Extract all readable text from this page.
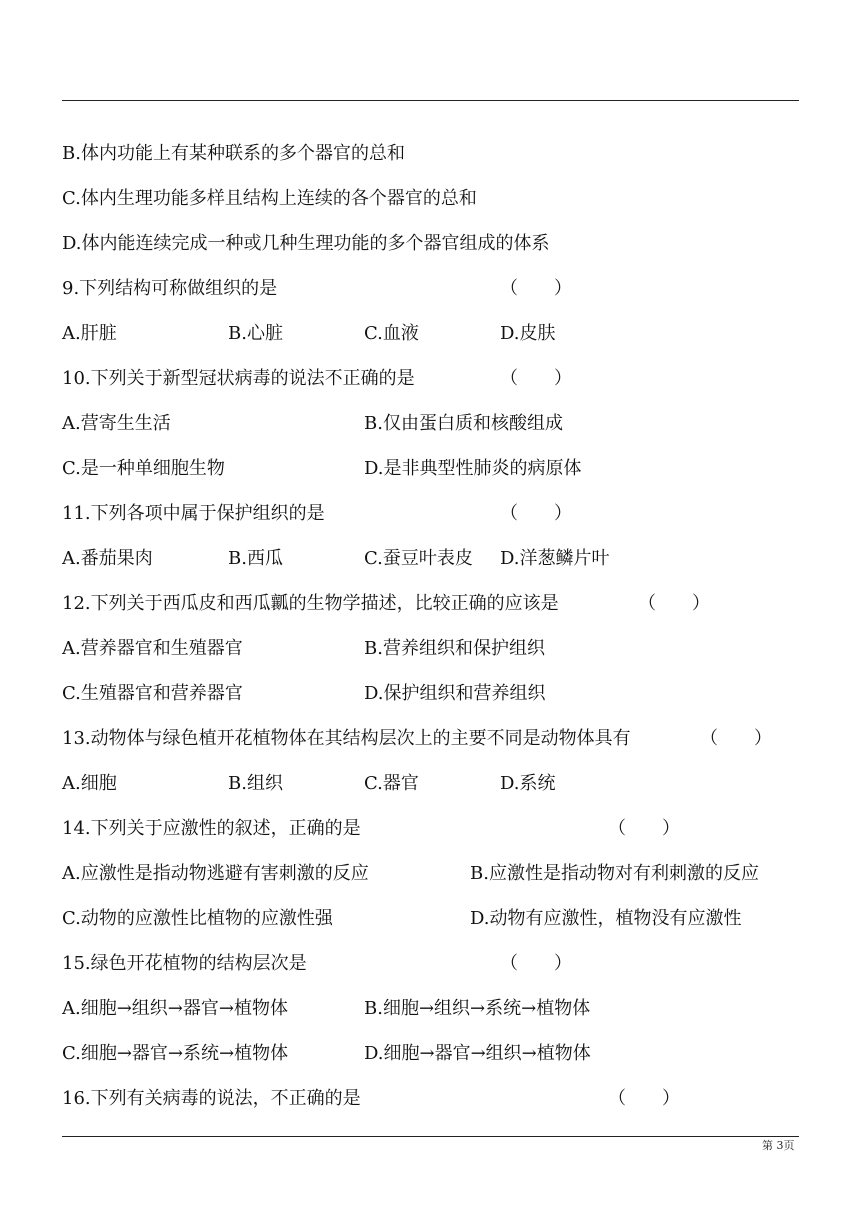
B.体内功能上有某种联系的多个器官的总和
C.体内生理功能多样且结构上连续的各个器官的总和
D.体内能连续完成一种或几种生理功能的多个器官组成的体系
9.下列结构可称做组织的是	（　　）
A.肝脏	B.心脏	C.血液	D.皮肤
10.下列关于新型冠状病毒的说法不正确的是	（　　）
A.营寄生生活	B.仅由蛋白质和核酸组成
C.是一种单细胞生物	D.是非典型性肺炎的病原体
11.下列各项中属于保护组织的是	（　　）
A.番茄果肉	B.西瓜	C.蚕豆叶表皮 D.洋葱鳞片叶
12.下列关于西瓜皮和西瓜瓤的生物学描述，比较正确的应该是	（　　）
A.营养器官和生殖器官	B.营养组织和保护组织
C.生殖器官和营养器官	D.保护组织和营养组织
13.动物体与绿色植开花植物体在其结构层次上的主要不同是动物体具有	（　　）
A.细胞	B.组织	C.器官	D.系统
14.下列关于应激性的叙述，正确的是	（　　）
A.应激性是指动物逃避有害刺激的反应	B.应激性是指动物对有利刺激的反应
C.动物的应激性比植物的应激性强	D.动物有应激性，植物没有应激性
15.绿色开花植物的结构层次是	（　　）
A.细胞→组织→器官→植物体	B.细胞→组织→系统→植物体
C.细胞→器官→系统→植物体	D.细胞→器官→组织→植物体
16.下列有关病毒的说法，不正确的是	（　　）
第 3页
